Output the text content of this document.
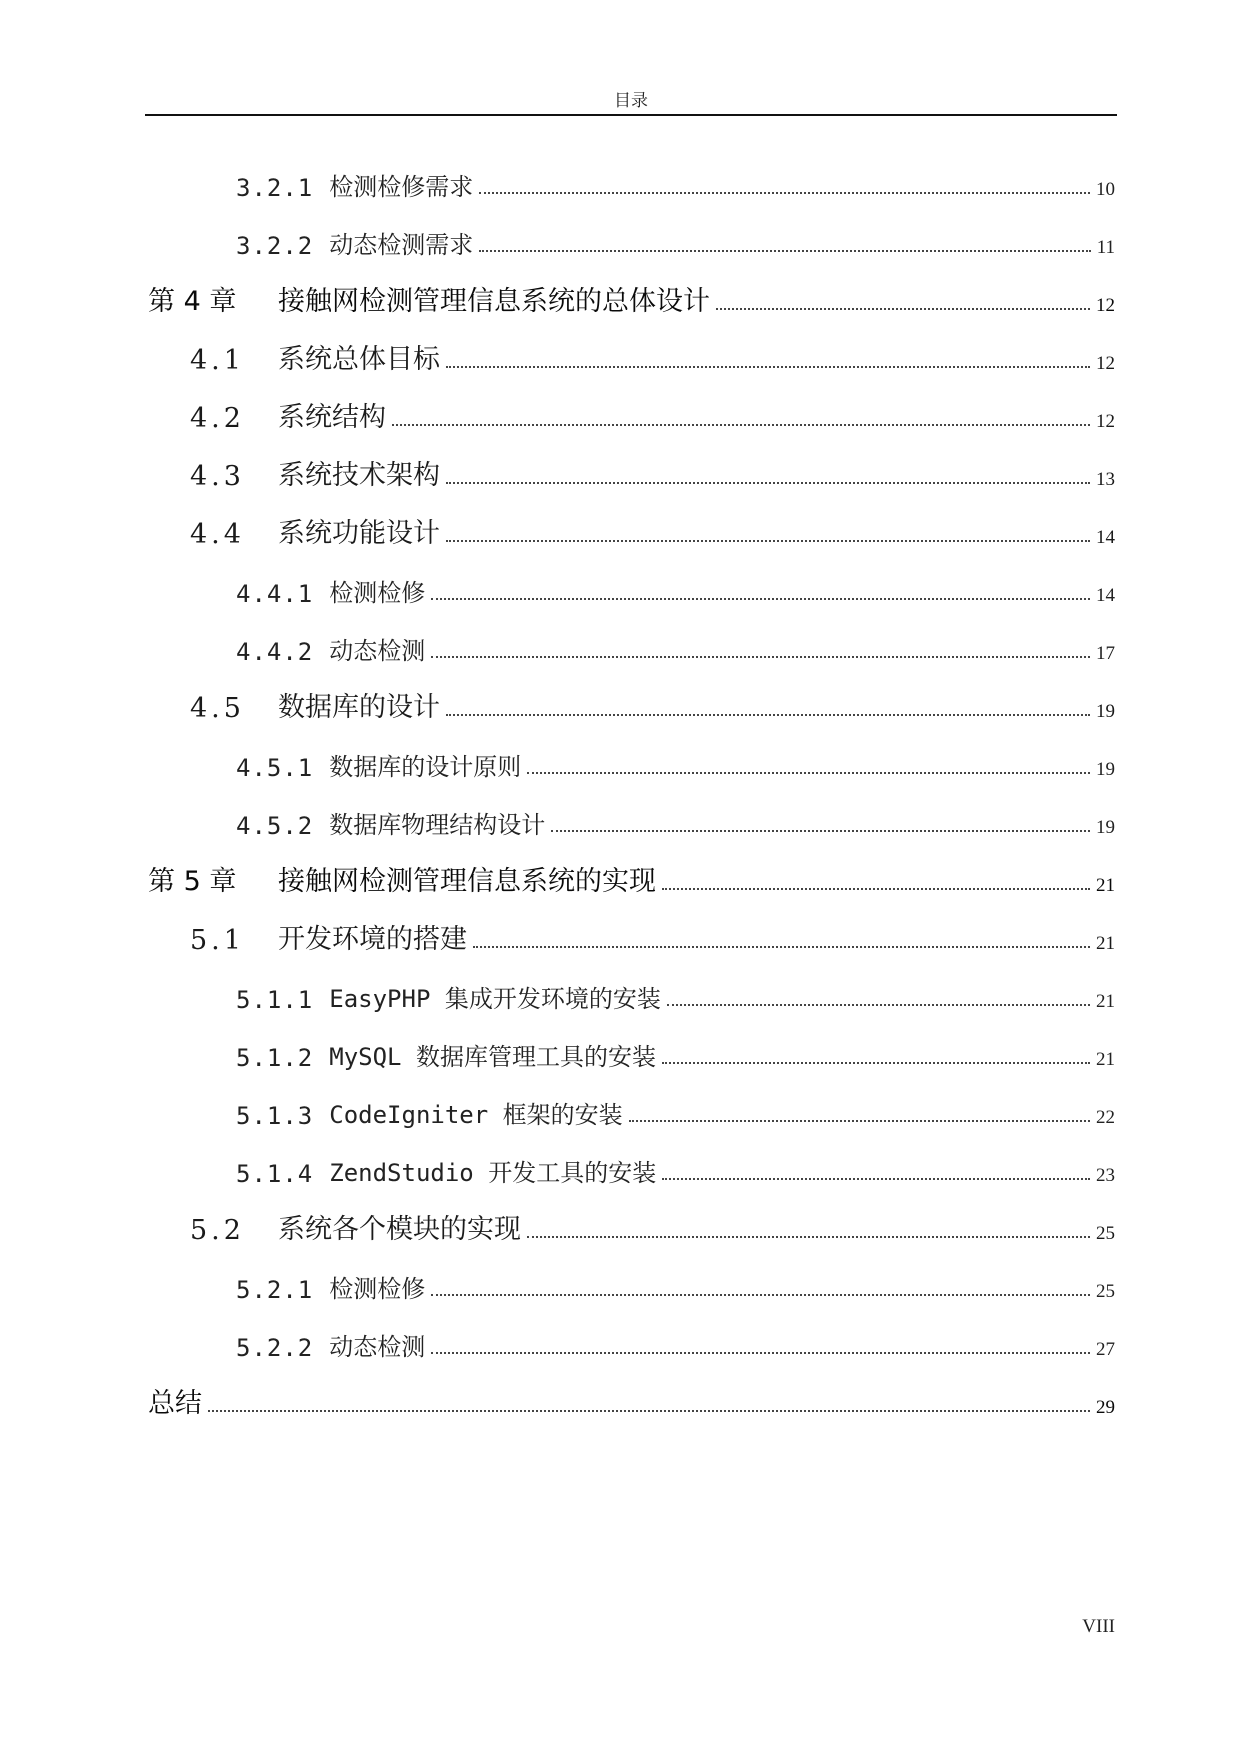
目录
3.2.1 检测检修需求	10
3.2.2 动态检测需求	11
第 4 章	接触网检测管理信息系统的总体设计	12
4.1	系统总体目标	12
4.2	系统结构	12
4.3	系统技术架构	13
4.4	系统功能设计	14
4.4.1 检测检修	14
4.4.2 动态检测	17
4.5	数据库的设计	19
4.5.1 数据库的设计原则	19
4.5.2 数据库物理结构设计	19
第 5 章	接触网检测管理信息系统的实现	21
5.1	开发环境的搭建	21
5.1.1 EasyPHP 集成开发环境的安装	21
5.1.2 MySQL 数据库管理工具的安装	21
5.1.3 CodeIgniter 框架的安装	22
5.1.4 ZendStudio 开发工具的安装	23
5.2	系统各个模块的实现	25
5.2.1 检测检修	25
5.2.2 动态检测	27
总结	29
VIII
